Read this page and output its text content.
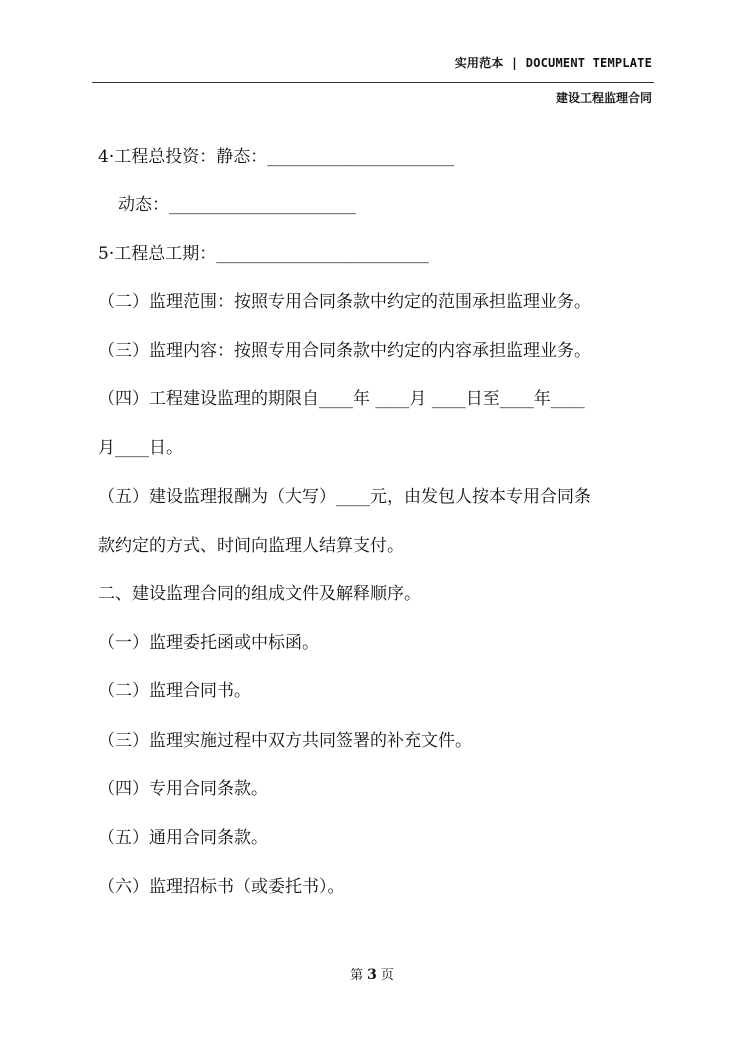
实用范本 | DOCUMENT TEMPLATE
建设工程监理合同
4·工程总投资：静态：______________________
动态：______________________
5·工程总工期：_________________________
（二）监理范围：按照专用合同条款中约定的范围承担监理业务。
（三）监理内容：按照专用合同条款中约定的内容承担监理业务。
（四）工程建设监理的期限自____年 ____月 ____日至____年____
月____日。
（五）建设监理报酬为（大写）____元，由发包人按本专用合同条
款约定的方式、时间向监理人结算支付。
二、建设监理合同的组成文件及解释顺序。
（一）监理委托函或中标函。
（二）监理合同书。
（三）监理实施过程中双方共同签署的补充文件。
（四）专用合同条款。
（五）通用合同条款。
（六）监理招标书（或委托书）。
第 3 页
